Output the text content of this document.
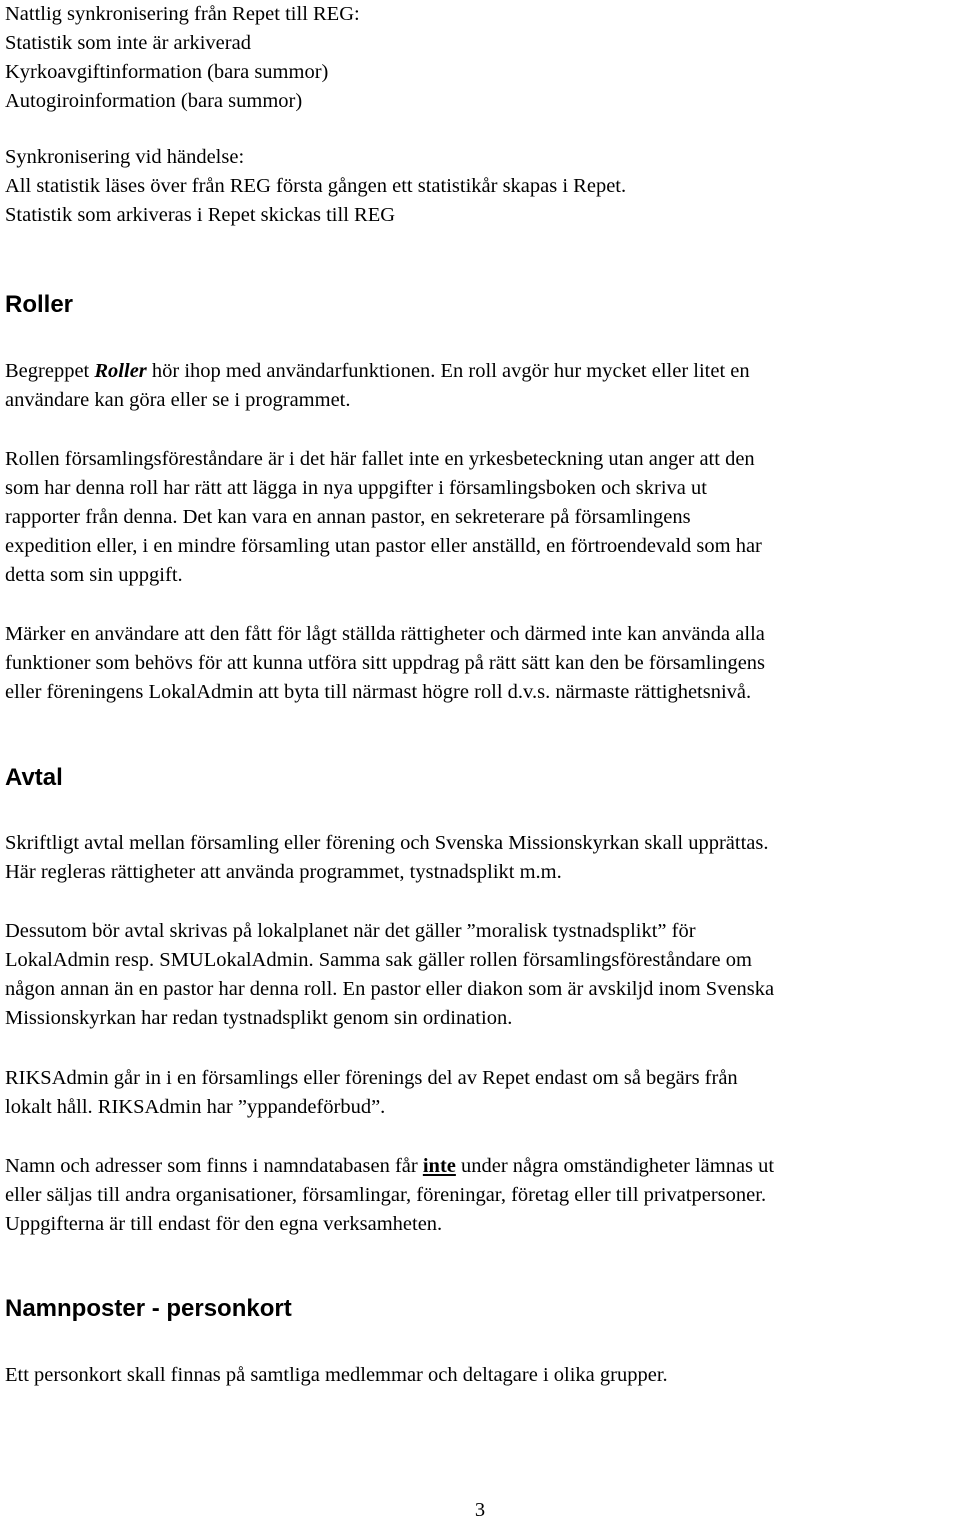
Nattlig synkronisering från Repet till REG:
Statistik som inte är arkiverad
Kyrkoavgiftinformation (bara summor)
Autogiroinformation (bara summor)
Synkronisering vid händelse:
All statistik läses över från REG första gången ett statistikår skapas i Repet.
Statistik som arkiveras i Repet skickas till REG
Roller
Begreppet Roller hör ihop med användarfunktionen. En roll avgör hur mycket eller litet en
användare kan göra eller se i programmet.
Rollen församlingsföreståndare är i det här fallet inte en yrkesbeteckning utan anger att den
som har denna roll har rätt att lägga in nya uppgifter i församlingsboken och skriva ut
rapporter från denna. Det kan vara en annan pastor, en sekreterare på församlingens
expedition eller, i en mindre församling utan pastor eller anställd, en förtroendevald som har
detta som sin uppgift.
Märker en användare att den fått för lågt ställda rättigheter och därmed inte kan använda alla
funktioner som behövs för att kunna utföra sitt uppdrag på rätt sätt kan den be församlingens
eller föreningens LokalAdmin att byta till närmast högre roll d.v.s. närmaste rättighetsnivå.
Avtal
Skriftligt avtal mellan församling eller förening och Svenska Missionskyrkan skall upprättas.
Här regleras rättigheter att använda programmet, tystnadsplikt m.m.
Dessutom bör avtal skrivas på lokalplanet när det gäller ”moralisk tystnadsplikt” för
LokalAdmin resp. SMULokalAdmin. Samma sak gäller rollen församlingsföreståndare om
någon annan än en pastor har denna roll. En pastor eller diakon som är avskiljd inom Svenska
Missionskyrkan har redan tystnadsplikt genom sin ordination.
RIKSAdmin går in i en församlings eller förenings del av Repet endast om så begärs från
lokalt håll. RIKSAdmin har ”yppandeförbud”.
Namn och adresser som finns i namndatabasen får inte under några omständigheter lämnas ut
eller säljas till andra organisationer, församlingar, föreningar, företag eller till privatpersoner.
Uppgifterna är till endast för den egna verksamheten.
Namnposter - personkort
Ett personkort skall finnas på samtliga medlemmar och deltagare i olika grupper.
3
